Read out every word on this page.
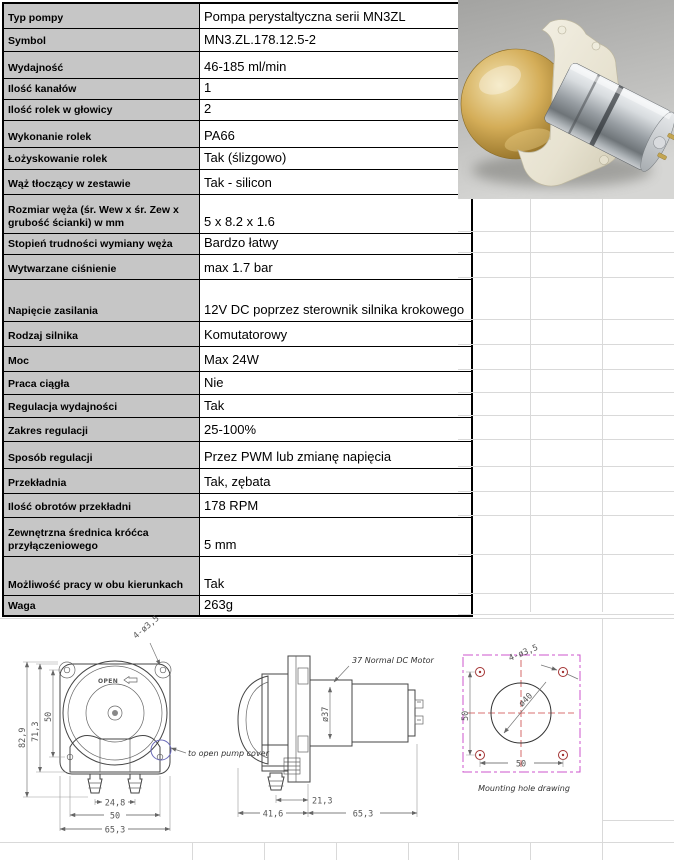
Typ pompy	Pompa perystaltyczna serii MN3ZL
Symbol	MN3.ZL.178.12.5-2
Wydajność	46-185 ml/min
Ilość kanałów	1
Ilość rolek w głowicy	2
Wykonanie rolek	PA66
Łożyskowanie rolek	Tak (ślizgowo)
Wąż tłoczący w zestawie	Tak - silicon
Rozmiar węża (śr. Wew x śr. Zew x grubość ścianki) w mm	5 x 8.2 x 1.6
Stopień trudności wymiany węża	Bardzo łatwy
Wytwarzane ciśnienie	max 1.7 bar
Napięcie zasilania	12V DC poprzez sterownik silnika krokowego
Rodzaj silnika	Komutatorowy
Moc	Max 24W
Praca ciągła	Nie
Regulacja wydajności	Tak
Zakres regulacji	25-100%
Sposób regulacji	Przez PWM lub zmianę napięcia
Przekładnia	Tak, zębata
Ilość obrotów przekładni	178 RPM
Zewnętrzna średnica króćca przyłączeniowego	5 mm
Możliwość pracy w obu kierunkach	Tak
Waga	263g
OPEN
to open pump cover
4-ø3,5
82,9 71,3
50
24,8
50
65,3
37 Normal DC Motor
ø37
21,3
41,6	65,3
ø40
4-ø3,5
50
50
Mounting hole drawing
